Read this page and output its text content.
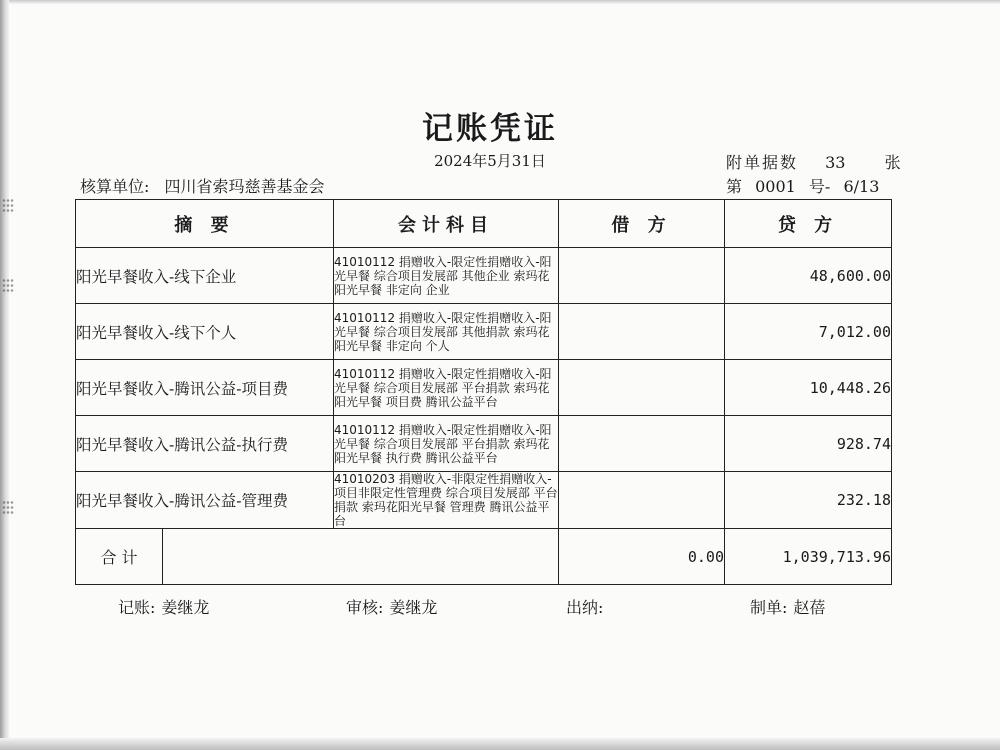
记账凭证
2024年5月31日	附单据数 33 张
核算单位: 四川省索玛慈善基金会	第 0001 号- 6/13
摘 要	会计科目	借 方	贷 方
阳光早餐收入-线下企业	41010112 捐赠收入-限定性捐赠收入-阳光早餐 综合项目发展部 其他企业 索玛花阳光早餐 非定向 企业		48,600.00
阳光早餐收入-线下个人	41010112 捐赠收入-限定性捐赠收入-阳光早餐 综合项目发展部 其他捐款 索玛花阳光早餐 非定向 个人		7,012.00
阳光早餐收入-腾讯公益-项目费	41010112 捐赠收入-限定性捐赠收入-阳光早餐 综合项目发展部 平台捐款 索玛花阳光早餐 项目费 腾讯公益平台		10,448.26
阳光早餐收入-腾讯公益-执行费	41010112 捐赠收入-限定性捐赠收入-阳光早餐 综合项目发展部 平台捐款 索玛花阳光早餐 执行费 腾讯公益平台		928.74
阳光早餐收入-腾讯公益-管理费	41010203 捐赠收入-非限定性捐赠收入-项目非限定性管理费 综合项目发展部 平台捐款 索玛花阳光早餐 管理费 腾讯公益平台		232.18

合 计		0.00	1,039,713.96
记账: 姜继龙	审核: 姜继龙	出纳:	制单: 赵蓓
